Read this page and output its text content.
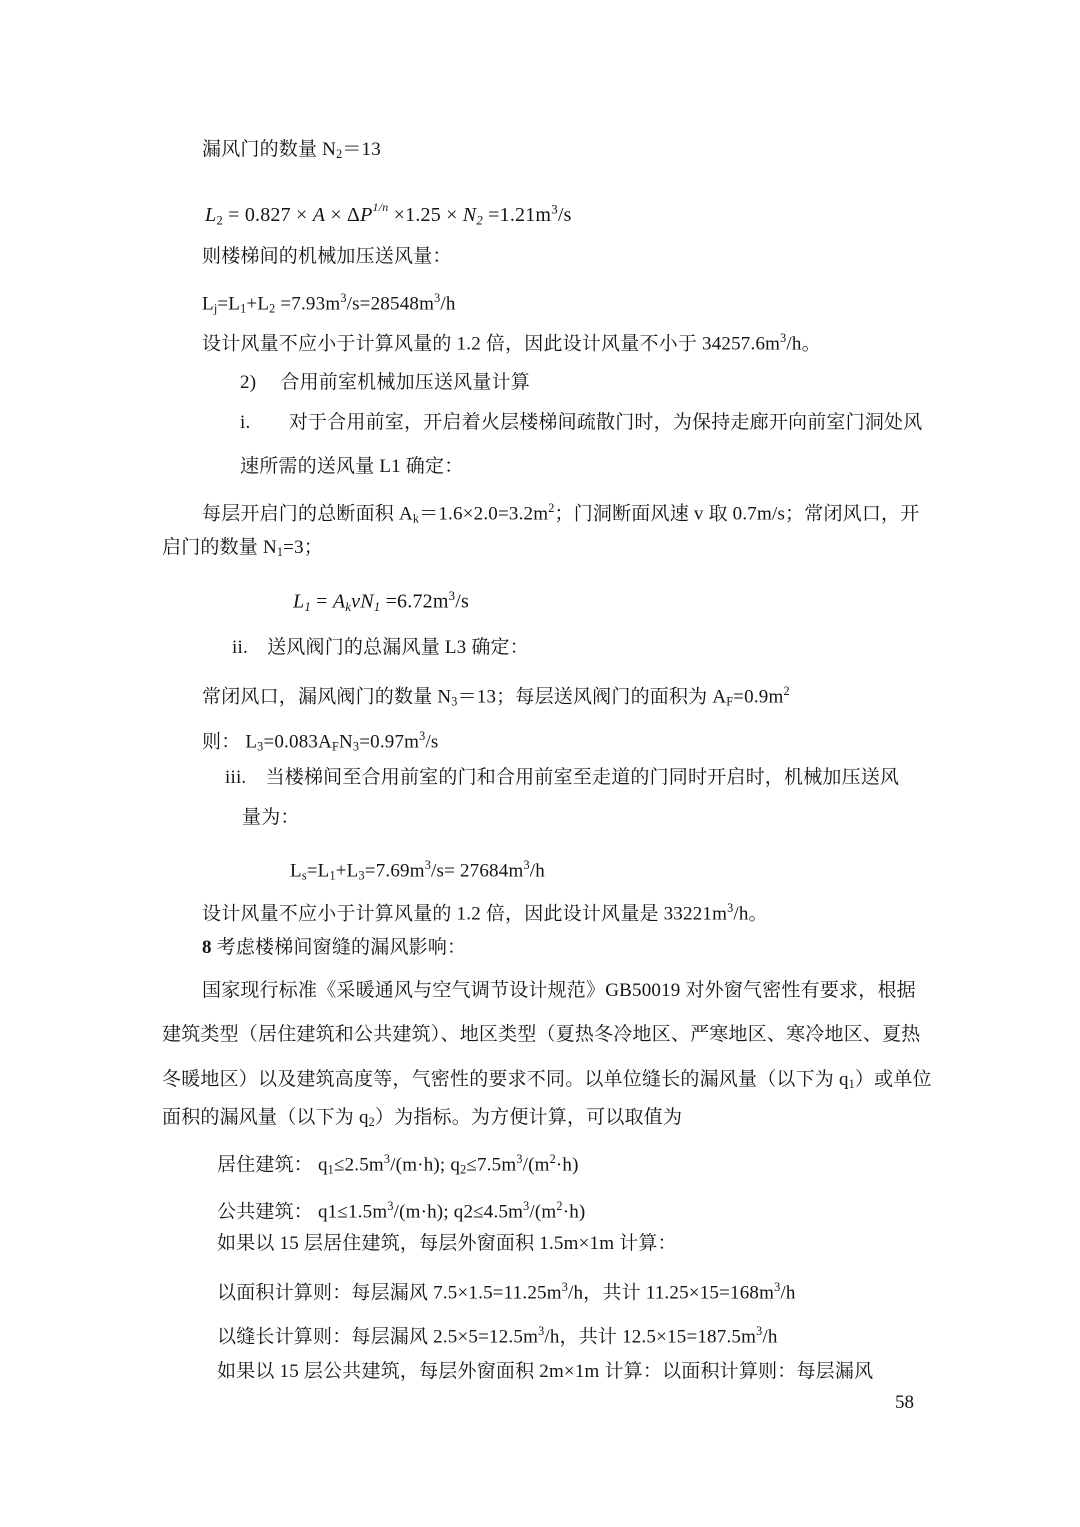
漏风门的数量 $N_2=13$
$L_2 = 0.827 \times A \times \Delta P^{1/n} \times 1.25 \times N2 =1.21m^3/s$
则楼梯间的机械加压送风量：
$L_j=L_1+L_2 =7.93m^3/s=28548m^3/h$
设计风量不应小于计算风量的 1.2 倍，因此设计风量不小于 $34257.6m^3/h$。
2)　 合用前室机械加压送风量计算
i.　　对于合用前室，开启着火层楼梯间疏散门时，为保持走廊开向前室门洞处风
速所需的送风量 L1 确定：
每层开启门的总断面积 $A_k=1.6\times 2.0=3.2m^2$；门洞断面风速 v 取 0.7m/s；常闭风口，开
启门的数量 $N_1=3$；
L1 = AkvN1 $=6.72m^3/s$
ii.　送风阀门的总漏风量 L3 确定：
常闭风口，漏风阀门的数量 $N_3=13$；每层送风阀门的面积为 $A_F=0.9m^2$
则： $L_3=0.083A_FN_3=0.97m^3/s$
iii.　当楼梯间至合用前室的门和合用前室至走道的门同时开启时，机械加压送风
量为：
$L_s=L_1+L_3=7.69m^3/s= 27684m^3/h$
设计风量不应小于计算风量的 1.2 倍，因此设计风量是 $33221m^3/h$。
8 考虑楼梯间窗缝的漏风影响：
国家现行标准《采暖通风与空气调节设计规范》GB50019 对外窗气密性有要求，根据
建筑类型（居住建筑和公共建筑）、地区类型（夏热冬冷地区、严寒地区、寒冷地区、夏热
冬暖地区）以及建筑高度等，气密性的要求不同。以单位缝长的漏风量（以下为 $q_1$）或单位
面积的漏风量（以下为 $q_2$）为指标。为方便计算，可以取值为
居住建筑： $q_1\le 2.5m^3/(m\cdot h)$; $q_2\le 7.5m^3/(m^2\cdot h)$
公共建筑： $q1\le 1.5m^3/(m\cdot h)$; $q2\le 4.5m^3/(m^2\cdot h)$
如果以 15 层居住建筑，每层外窗面积 1.5m×1m 计算：
以面积计算则：每层漏风 $7.5\times 1.5=11.25m^3/h$，共计 $11.25\times 15=168m^3/h$
以缝长计算则：每层漏风 $2.5\times 5=12.5m^3/h$，共计 $12.5\times 15=187.5m^3/h$
如果以 15 层公共建筑，每层外窗面积 2m×1m 计算：以面积计算则：每层漏风
58
